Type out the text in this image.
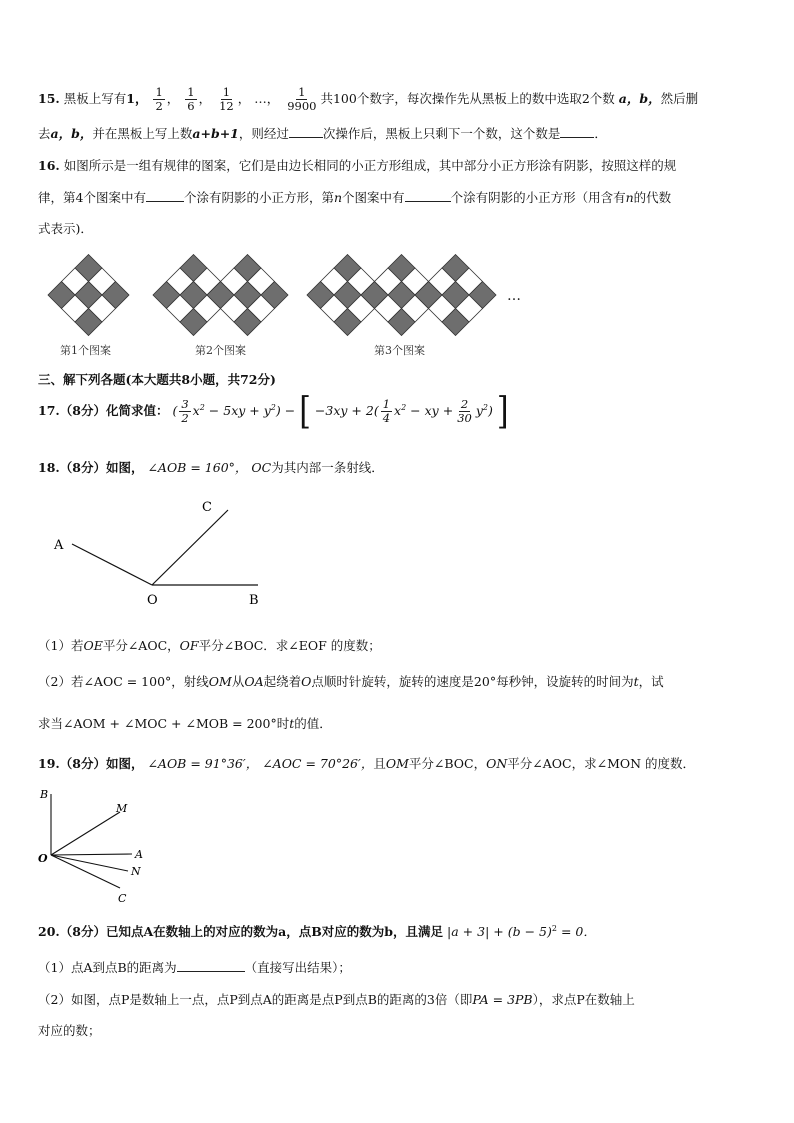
15. 黑板上写有1， $\frac{1}{2}$ ， $\frac{1}{6}$ ， $\frac{1}{12}$ ， …， $\frac{1}{9900}$ 共100个数字，每次操作先从黑板上的数中选取2个数 a，b，然后删
去a，b，并在黑板上写上数a+b+1，则经过	次操作后，黑板上只剩下一个数，这个数是	．
16. 如图所示是一组有规律的图案，它们是由边长相同的小正方形组成，其中部分小正方形涂有阴影，按照这样的规
律，第4个图案中有	个涂有阴影的小正方形，第n个图案中有	个涂有阴影的小正方形（用含有n的代数
式表示)．
第1个图案	第2个图案	第3个图案
…
三、解下列各题(本大题共8小题，共72分)
17.（8分）化简求值： ( $\frac{3}{2} x^2 - 5xy + y^2$) − [ $-3xy + 2( \frac{1}{4} x^2$ − xy + $\frac{2}{30} y^2$) ]
18.（8分）如图， ∠AOB = 160°， OC为其内部一条射线．
A
C
O	B
（1）若OE平分∠AOC，OF平分∠BOC．求∠EOF 的度数；
（2）若∠AOC = 100°，射线OM从OA起绕着O点顺时针旋转，旋转的速度是20°每秒钟，设旋转的时间为t，试
求当∠AOM + ∠MOC + ∠MOB = 200°时t的值．
19.（8分）如图， ∠AOB = 91°36′， ∠AOC = 70°26′，且OM平分∠BOC，ON平分∠AOC，求∠MON 的度数．
B
M
O	A
N
C
20.（8分）已知点A在数轴上的对应的数为a，点B对应的数为b，且满足 $|a + 3| + (b - 5)^2 = 0$．
（1）点A到点B的距离为	（直接写出结果）；
（2）如图，点P是数轴上一点，点P到点A的距离是点P到点B的距离的3倍（即PA = 3PB），求点P在数轴上
对应的数；
